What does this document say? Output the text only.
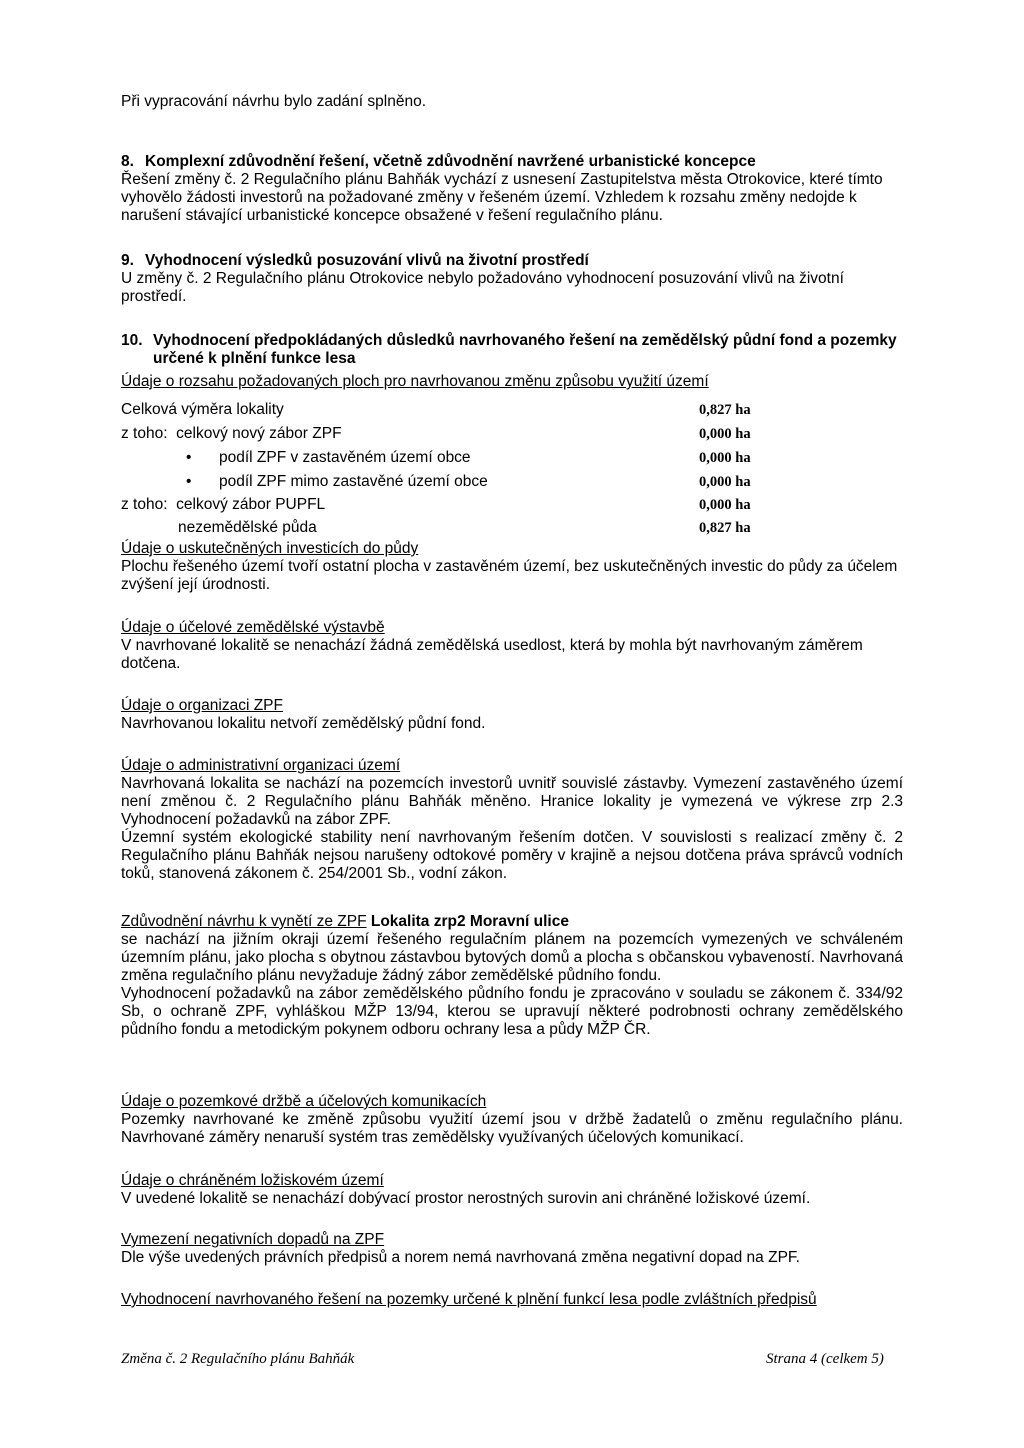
Při vypracování návrhu bylo zadání splněno.

8. Komplexní zdůvodnění řešení, včetně zdůvodnění navržené urbanistické koncepce

Řešení změny č. 2 Regulačního plánu Bahňák vychází z usnesení Zastupitelstva města Otrokovice, které tímto vyhovělo žádosti investorů na požadované změny v řešeném území. Vzhledem k rozsahu změny nedojde k narušení stávající urbanistické koncepce obsažené v řešení regulačního plánu.

9. Vyhodnocení výsledků posuzování vlivů na životní prostředí

U změny č. 2 Regulačního plánu Otrokovice nebylo požadováno vyhodnocení posuzování vlivů na životní prostředí.

10. Vyhodnocení předpokládaných důsledků navrhovaného řešení na zemědělský půdní fond a pozemky určené k plnění funkce lesa

Údaje o rozsahu požadovaných ploch pro navrhovanou změnu způsobu využití území

Celková výměra lokality	0,827 ha
z toho:  celkový nový zábor ZPF	0,000 ha
• podíl ZPF v zastavěném území obce	0,000 ha
• podíl ZPF mimo zastavěné území obce	0,000 ha
z toho:  celkový zábor PUPFL	0,000 ha
nezemědělské půda	0,827 ha

Údaje o uskutečněných investicích do půdy

Plochu řešeného území tvoří ostatní plocha v zastavěném území, bez uskutečněných investic do půdy za účelem zvýšení její úrodnosti.

Údaje o účelové zemědělské výstavbě

V navrhované lokalitě se nenachází žádná zemědělská usedlost, která by mohla být navrhovaným záměrem dotčena.

Údaje o organizaci ZPF

Navrhovanou lokalitu netvoří zemědělský půdní fond.

Údaje o administrativní organizaci území

Navrhovaná lokalita se nachází na pozemcích investorů uvnitř souvislé zástavby. Vymezení zastavěného území není změnou č. 2 Regulačního plánu Bahňák měněno. Hranice lokality je vymezená ve výkrese zrp 2.3 Vyhodnocení požadavků na zábor ZPF.

Územní systém ekologické stability není navrhovaným řešením dotčen. V souvislosti s realizací změny č. 2 Regulačního plánu Bahňák nejsou narušeny odtokové poměry v krajině a nejsou dotčena práva správců vodních toků, stanovená zákonem č. 254/2001 Sb., vodní zákon.

Zdůvodnění návrhu k vynětí ze ZPF Lokalita zrp2 Moravní ulice

se nachází na jižním okraji území řešeného regulačním plánem na pozemcích vymezených ve schváleném územním plánu, jako plocha s obytnou zástavbou bytových domů a plocha s občanskou vybaveností. Navrhovaná změna regulačního plánu nevyžaduje žádný zábor zemědělské půdního fondu.

Vyhodnocení požadavků na zábor zemědělského půdního fondu je zpracováno v souladu se zákonem č. 334/92 Sb, o ochraně ZPF, vyhláškou MŽP 13/94, kterou se upravují některé podrobnosti ochrany zemědělského půdního fondu a metodickým pokynem odboru ochrany lesa a půdy MŽP ČR.

Údaje o pozemkové držbě a účelových komunikacích

Pozemky navrhované ke změně způsobu využití území jsou v držbě žadatelů o změnu regulačního plánu. Navrhované záměry nenaruší systém tras zemědělsky využívaných účelových komunikací.

Údaje o chráněném ložiskovém území

V uvedené lokalitě se nenachází dobývací prostor nerostných surovin ani chráněné ložiskové území.

Vymezení negativních dopadů na ZPF

Dle výše uvedených právních předpisů a norem nemá navrhovaná změna negativní dopad na ZPF.

Vyhodnocení navrhovaného řešení na pozemky určené k plnění funkcí lesa podle zvláštních předpisů

Změna č. 2 Regulačního plánu Bahňák	Strana 4 (celkem 5)
